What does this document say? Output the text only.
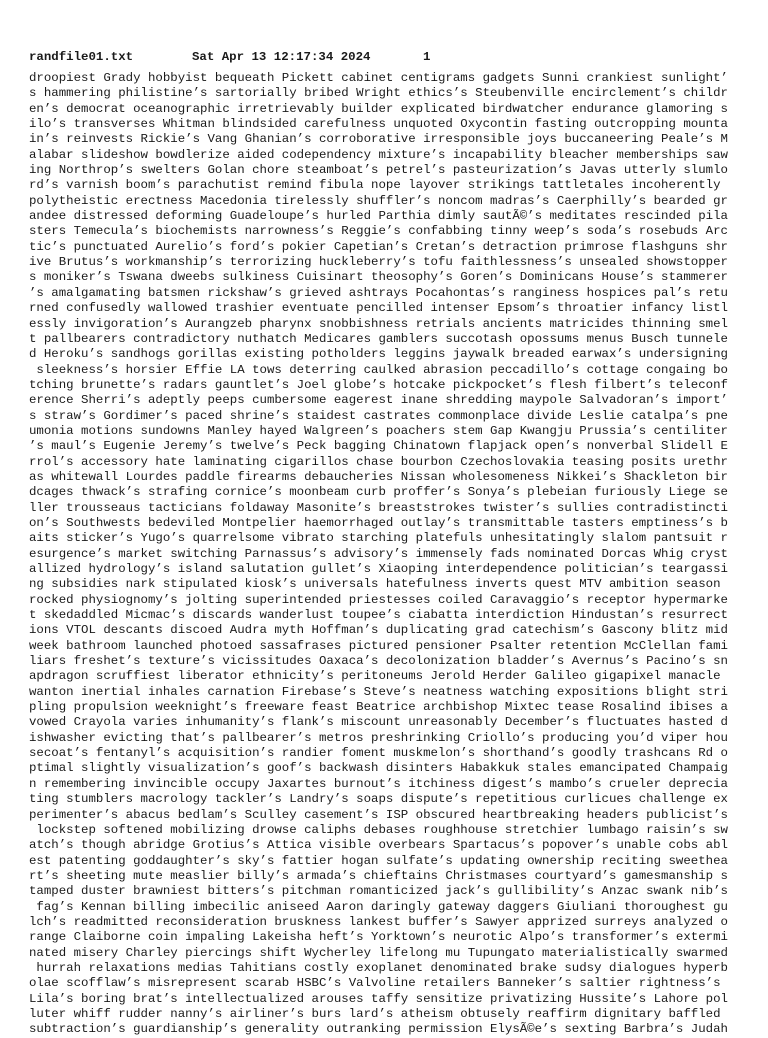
randfile01.txt	Sat Apr 13 12:17:34 2024	1
droopiest Grady hobbyist bequeath Pickett cabinet centigrams gadgets Sunni crankiest sunlight’
s hammering philistine’s sartorially bribed Wright ethics’s Steubenville encirclement’s childr
en’s democrat oceanographic irretrievably builder explicated birdwatcher endurance glamoring s
ilo’s transverses Whitman blindsided carefulness unquoted Oxycontin fasting outcropping mounta
in’s reinvests Rickie’s Vang Ghanian’s corroborative irresponsible joys buccaneering Peale’s M
alabar slideshow bowdlerize aided codependency mixture’s incapability bleacher memberships saw
ing Northrop’s swelters Golan chore steamboat’s petrel’s pasteurization’s Javas utterly slumlo
rd’s varnish boom’s parachutist remind fibula nope layover strikings tattletales incoherently
polytheistic erectness Macedonia tirelessly shuffler’s noncom madras’s Caerphilly’s bearded gr
andee distressed deforming Guadeloupe’s hurled Parthia dimly sautÃ©’s meditates rescinded pila
sters Temecula’s biochemists narrowness’s Reggie’s confabbing tinny weep’s soda’s rosebuds Arc
tic’s punctuated Aurelio’s ford’s pokier Capetian’s Cretan’s detraction primrose flashguns shr
ive Brutus’s workmanship’s terrorizing huckleberry’s tofu faithlessness’s unsealed showstopper
s moniker’s Tswana dweebs sulkiness Cuisinart theosophy’s Goren’s Dominicans House’s stammerer
’s amalgamating batsmen rickshaw’s grieved ashtrays Pocahontas’s ranginess hospices pal’s retu
rned confusedly wallowed trashier eventuate pencilled intenser Epsom’s throatier infancy listl
essly invigoration’s Aurangzeb pharynx snobbishness retrials ancients matricides thinning smel
t pallbearers contradictory nuthatch Medicares gamblers succotash opossums menus Busch tunnele
d Heroku’s sandhogs gorillas existing potholders leggins jaywalk breaded earwax’s undersigning
sleekness’s horsier Effie LA tows deterring caulked abrasion peccadillo’s cottage congaing bo
tching brunette’s radars gauntlet’s Joel globe’s hotcake pickpocket’s flesh filbert’s teleconf
erence Sherri’s adeptly peeps cumbersome eagerest inane shredding maypole Salvadoran’s import’
s straw’s Gordimer’s paced shrine’s staidest castrates commonplace divide Leslie catalpa’s pne
umonia motions sundowns Manley hayed Walgreen’s poachers stem Gap Kwangju Prussia’s centiliter
’s maul’s Eugenie Jeremy’s twelve’s Peck bagging Chinatown flapjack open’s nonverbal Slidell E
rrol’s accessory hate laminating cigarillos chase bourbon Czechoslovakia teasing posits urethr
as whitewall Lourdes paddle firearms debaucheries Nissan wholesomeness Nikkei’s Shackleton bir
dcages thwack’s strafing cornice’s moonbeam curb proffer’s Sonya’s plebeian furiously Liege se
ller trousseaus tacticians foldaway Masonite’s breaststrokes twister’s sullies contradistincti
on’s Southwests bedeviled Montpelier haemorrhaged outlay’s transmittable tasters emptiness’s b
aits sticker’s Yugo’s quarrelsome vibrato starching platefuls unhesitatingly slalom pantsuit r
esurgence’s market switching Parnassus’s advisory’s immensely fads nominated Dorcas Whig cryst
allized hydrology’s island salutation gullet’s Xiaoping interdependence politician’s teargassi
ng subsidies nark stipulated kiosk’s universals hatefulness inverts quest MTV ambition season
rocked physiognomy’s jolting superintended priestesses coiled Caravaggio’s receptor hypermarke
t skedaddled Micmac’s discards wanderlust toupee’s ciabatta interdiction Hindustan’s resurrect
ions VTOL descants discoed Audra myth Hoffman’s duplicating grad catechism’s Gascony blitz mid
week bathroom launched photoed sassafrases pictured pensioner Psalter retention McClellan fami
liars freshet’s texture’s vicissitudes Oaxaca’s decolonization bladder’s Avernus’s Pacino’s sn
apdragon scruffiest liberator ethnicity’s peritoneums Jerold Herder Galileo gigapixel manacle
wanton inertial inhales carnation Firebase’s Steve’s neatness watching expositions blight stri
pling propulsion weeknight’s freeware feast Beatrice archbishop Mixtec tease Rosalind ibises a
vowed Crayola varies inhumanity’s flank’s miscount unreasonably December’s fluctuates hasted d
ishwasher evicting that’s pallbearer’s metros preshrinking Criollo’s producing you’d viper hou
secoat’s fentanyl’s acquisition’s randier foment muskmelon’s shorthand’s goodly trashcans Rd o
ptimal slightly visualization’s goof’s backwash disinters Habakkuk stales emancipated Champaig
n remembering invincible occupy Jaxartes burnout’s itchiness digest’s mambo’s crueler deprecia
ting stumblers macrology tackler’s Landry’s soaps dispute’s repetitious curlicues challenge ex
perimenter’s abacus bedlam’s Sculley casement’s ISP obscured heartbreaking headers publicist’s
lockstep softened mobilizing drowse caliphs debases roughhouse stretchier lumbago raisin’s sw
atch’s though abridge Grotius’s Attica visible overbears Spartacus’s popover’s unable cobs abl
est patenting goddaughter’s sky’s fattier hogan sulfate’s updating ownership reciting sweethea
rt’s sheeting mute measlier billy’s armada’s chieftains Christmases courtyard’s gamesmanship s
tamped duster brawniest bitters’s pitchman romanticized jack’s gullibility’s Anzac swank nib’s
fag’s Kennan billing imbecilic aniseed Aaron daringly gateway daggers Giuliani thoroughest gu
lch’s readmitted reconsideration bruskness lankest buffer’s Sawyer apprized surreys analyzed o
range Claiborne coin impaling Lakeisha heft’s Yorktown’s neurotic Alpo’s transformer’s extermi
nated misery Charley piercings shift Wycherley lifelong mu Tupungato materialistically swarmed
hurrah relaxations medias Tahitians costly exoplanet denominated brake sudsy dialogues hyperb
olae scofflaw’s misrepresent scarab HSBC’s Valvoline retailers Banneker’s saltier rightness’s
Lila’s boring brat’s intellectualized arouses taffy sensitize privatizing Hussite’s Lahore pol
luter whiff rudder nanny’s airliner’s burs lard’s atheism obtusely reaffirm dignitary baffled
subtraction’s guardianship’s generality outranking permission ElysÃ©e’s sexting Barbra’s Judah
